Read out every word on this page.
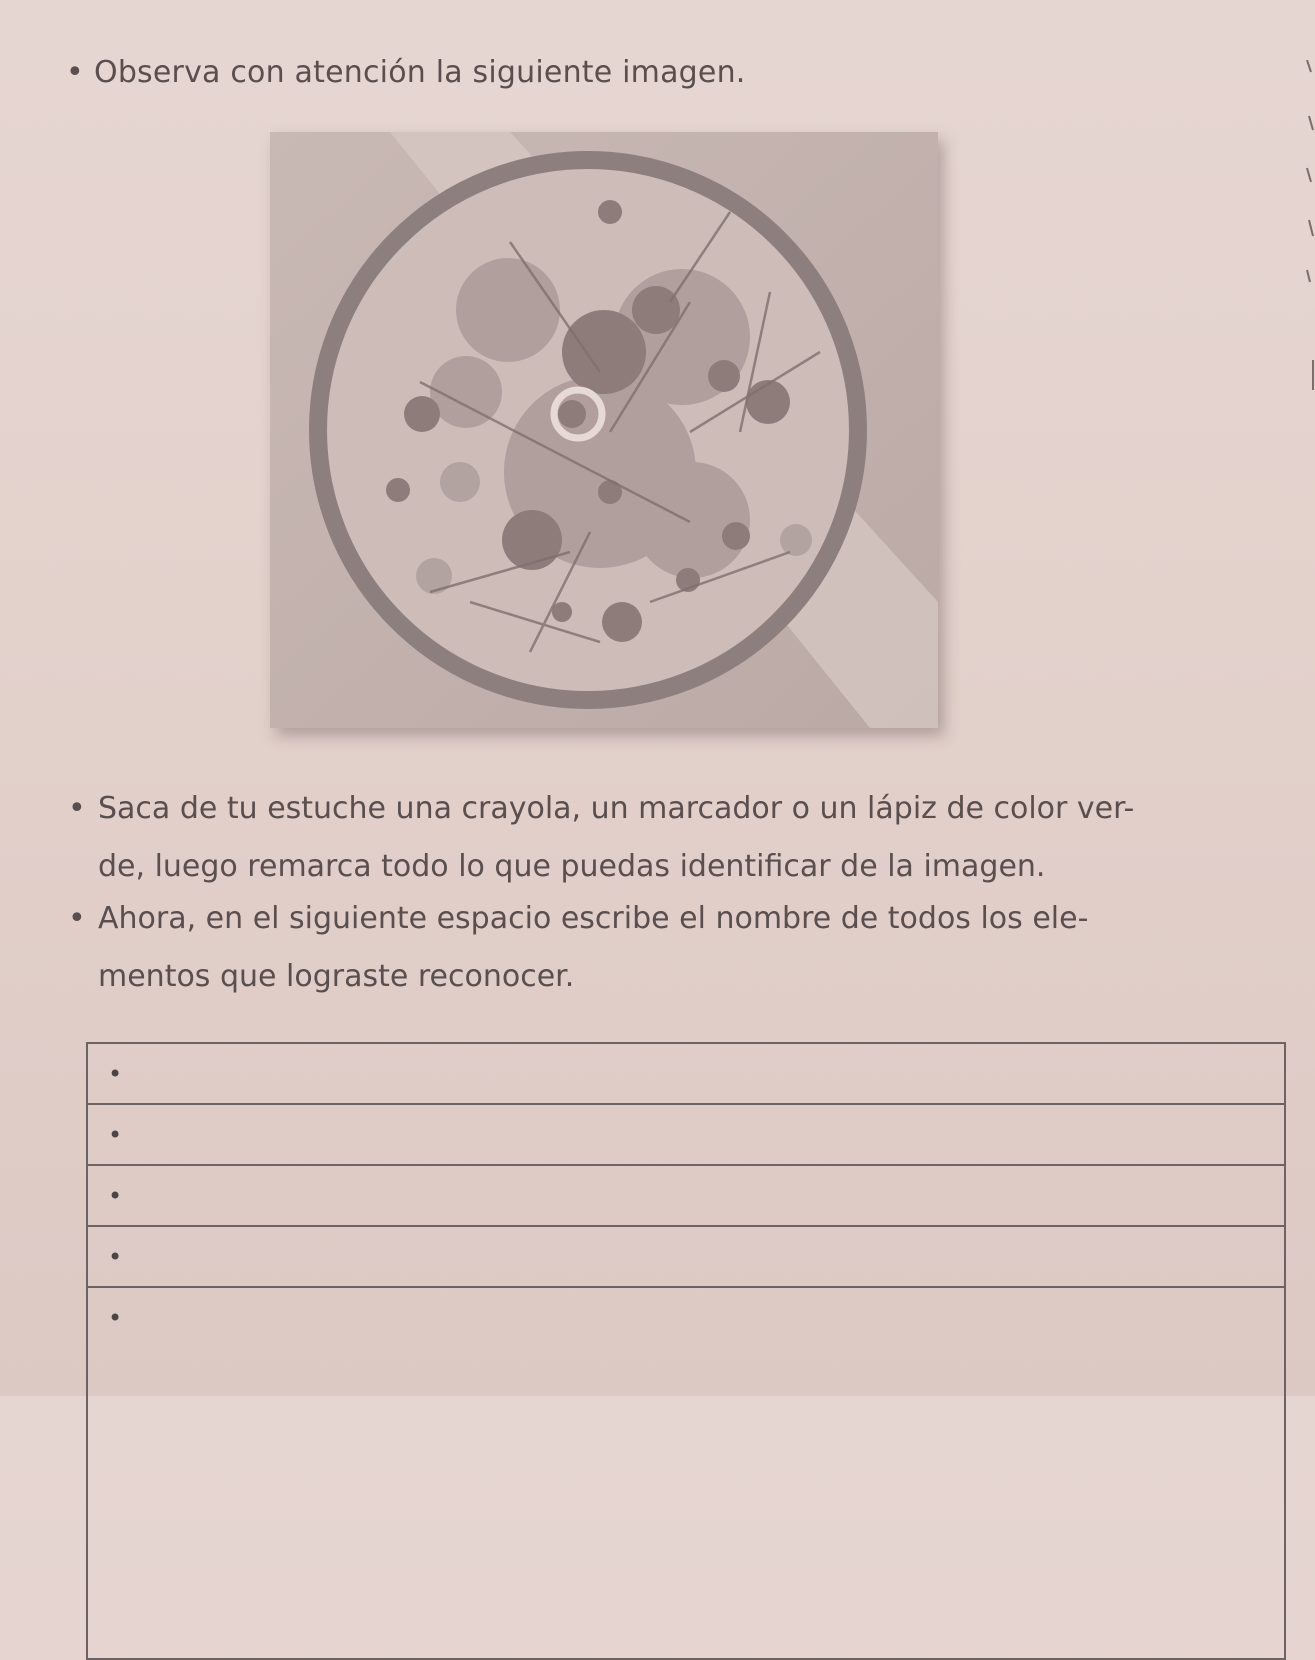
• Observa con atención la siguiente imagen.
• Saca de tu estuche una crayola, un marcador o un lápiz de color ver-
de, luego remarca todo lo que puedas identificar de la imagen.
• Ahora, en el siguiente espacio escribe el nombre de todos los ele-
mentos que lograste reconocer.
•
•
•
•
•
